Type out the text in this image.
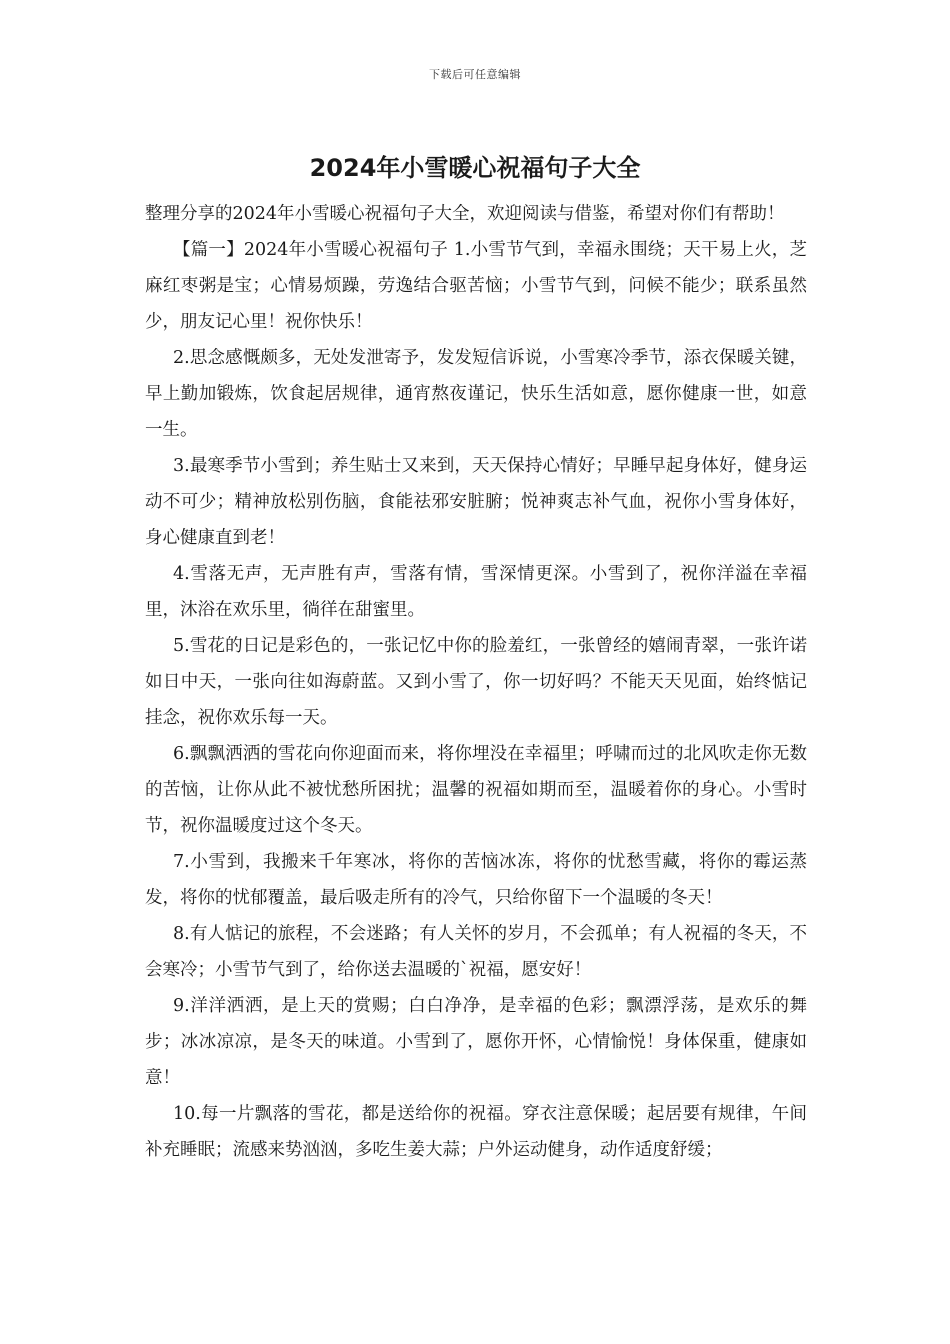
下载后可任意编辑
2024年小雪暖心祝福句子大全

整理分享的2024年小雪暖心祝福句子大全，欢迎阅读与借鉴，希望对你们有帮助！

【篇一】2024年小雪暖心祝福句子 1.小雪节气到，幸福永围绕；天干易上火，芝麻红枣粥是宝；心情易烦躁，劳逸结合驱苦恼；小雪节气到，问候不能少；联系虽然少，朋友记心里！祝你快乐！

2.思念感慨颇多，无处发泄寄予，发发短信诉说，小雪寒冷季节，添衣保暖关键，早上勤加锻炼，饮食起居规律，通宵熬夜谨记，快乐生活如意，愿你健康一世，如意一生。

3.最寒季节小雪到；养生贴士又来到，天天保持心情好；早睡早起身体好，健身运动不可少；精神放松别伤脑，食能祛邪安脏腑；悦神爽志补气血，祝你小雪身体好，身心健康直到老！

4.雪落无声，无声胜有声，雪落有情，雪深情更深。小雪到了，祝你洋溢在幸福里，沐浴在欢乐里，徜徉在甜蜜里。

5.雪花的日记是彩色的，一张记忆中你的脸羞红，一张曾经的嬉闹青翠，一张许诺如日中天，一张向往如海蔚蓝。又到小雪了，你一切好吗？不能天天见面，始终惦记挂念，祝你欢乐每一天。

6.飘飘洒洒的雪花向你迎面而来，将你埋没在幸福里；呼啸而过的北风吹走你无数的苦恼，让你从此不被忧愁所困扰；温馨的祝福如期而至，温暖着你的身心。小雪时节，祝你温暖度过这个冬天。

7.小雪到，我搬来千年寒冰，将你的苦恼冰冻，将你的忧愁雪藏，将你的霉运蒸发，将你的忧郁覆盖，最后吸走所有的冷气，只给你留下一个温暖的冬天！

8.有人惦记的旅程，不会迷路；有人关怀的岁月，不会孤单；有人祝福的冬天，不会寒冷；小雪节气到了，给你送去温暖的`祝福，愿安好！

9.洋洋洒洒，是上天的赏赐；白白净净，是幸福的色彩；飘漂浮荡，是欢乐的舞步；冰冰凉凉，是冬天的味道。小雪到了，愿你开怀，心情愉悦！身体保重，健康如意！

10.每一片飘落的雪花，都是送给你的祝福。穿衣注意保暖；起居要有规律，午间补充睡眠；流感来势汹汹，多吃生姜大蒜；户外运动健身，动作适度舒缓；
